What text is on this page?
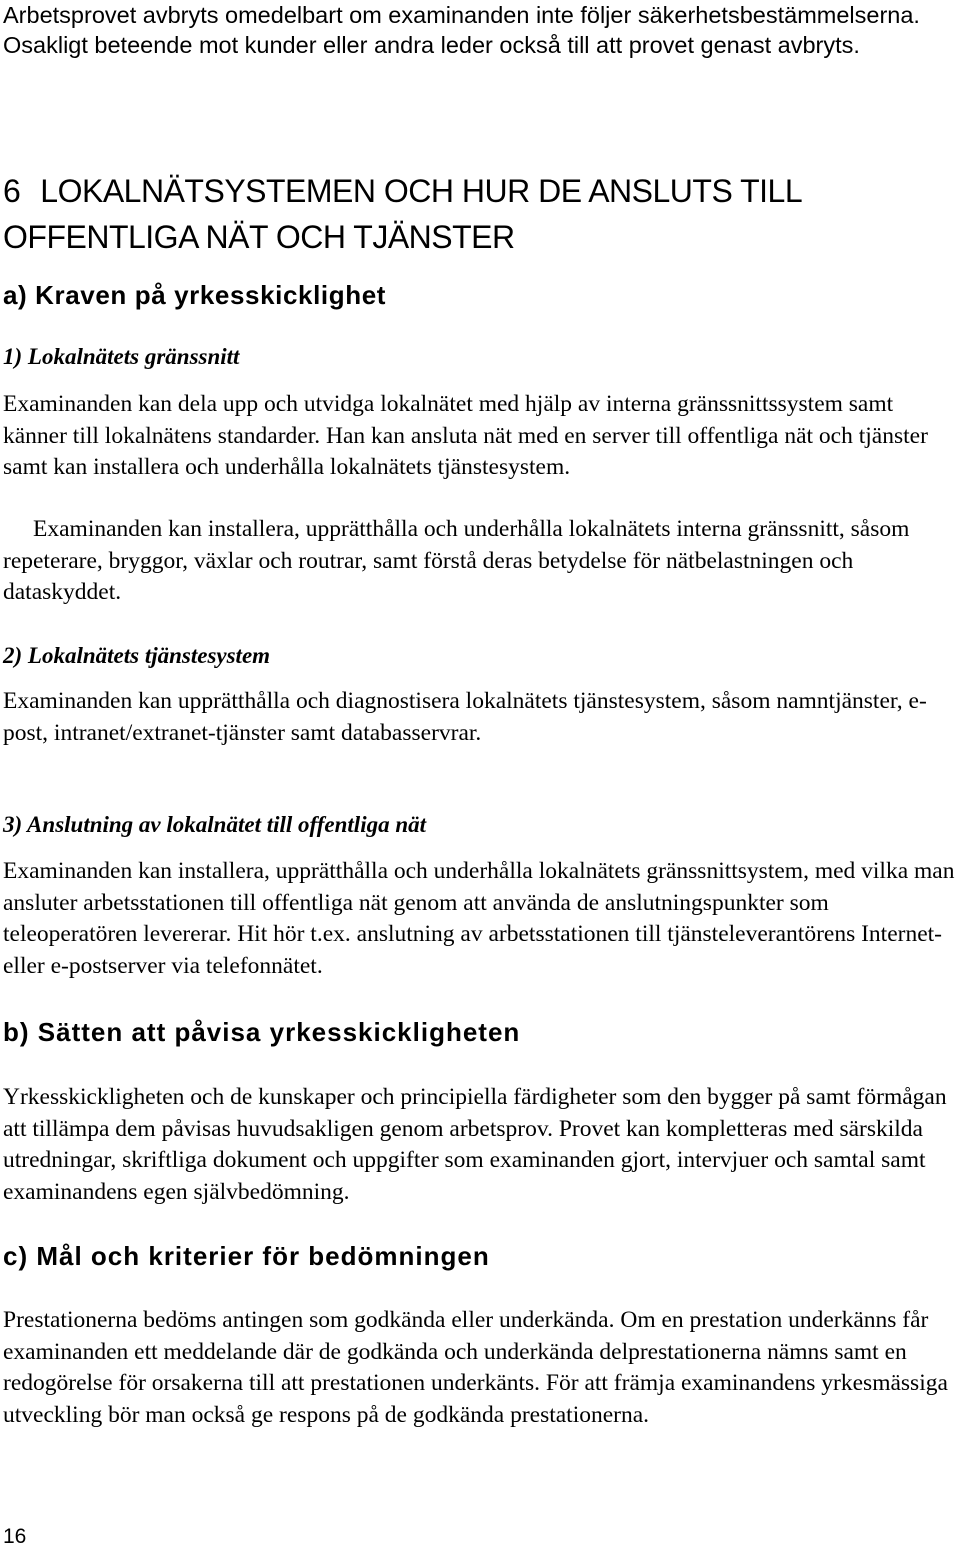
Arbetsprovet avbryts omedelbart om examinanden inte följer säkerhetsbestämmelserna. Osakligt beteende mot kunder eller andra leder också till att provet genast avbryts.

6 LOKALNÄTSYSTEMEN OCH HUR DE ANSLUTS TILL
OFFENTLIGA NÄT OCH TJÄNSTER
a) Kraven på yrkesskicklighet
1) Lokalnätets gränssnitt

Examinanden kan dela upp och utvidga lokalnätet med hjälp av interna gränssnittssystem samt känner till lokalnätens standarder. Han kan ansluta nät med en server till offentliga nät och tjänster samt kan installera och underhålla lokalnätets tjänstesystem.

Examinanden kan installera, upprätthålla och underhålla lokalnätets interna gränssnitt, såsom repeterare, bryggor, växlar och routrar, samt förstå deras betydelse för nätbelastningen och dataskyddet.

2) Lokalnätets tjänstesystem

Examinanden kan upprätthålla och diagnostisera lokalnätets tjänstesystem, såsom namntjänster, e-post, intranet/extranet-tjänster samt databasservrar.

3) Anslutning av lokalnätet till offentliga nät

Examinanden kan installera, upprätthålla och underhålla lokalnätets gränssnittsystem, med vilka man ansluter arbetsstationen till offentliga nät genom att använda de anslutningspunkter som teleoperatören levererar. Hit hör t.ex. anslutning av arbetsstationen till tjänsteleverantörens Internet- eller e-postserver via telefonnätet.

b) Sätten att påvisa yrkesskickligheten

Yrkesskickligheten och de kunskaper och principiella färdigheter som den bygger på samt förmågan att tillämpa dem påvisas huvudsakligen genom arbetsprov. Provet kan kompletteras med särskilda utredningar, skriftliga dokument och uppgifter som examinanden gjort, intervjuer och samtal samt examinandens egen självbedömning.

c) Mål och kriterier för bedömningen

Prestationerna bedöms antingen som godkända eller underkända. Om en prestation underkänns får examinanden ett meddelande där de godkända och underkända delprestationerna nämns samt en redogörelse för orsakerna till att prestationen underkänts. För att främja examinandens yrkesmässiga utveckling bör man också ge respons på de godkända prestationerna.

16
